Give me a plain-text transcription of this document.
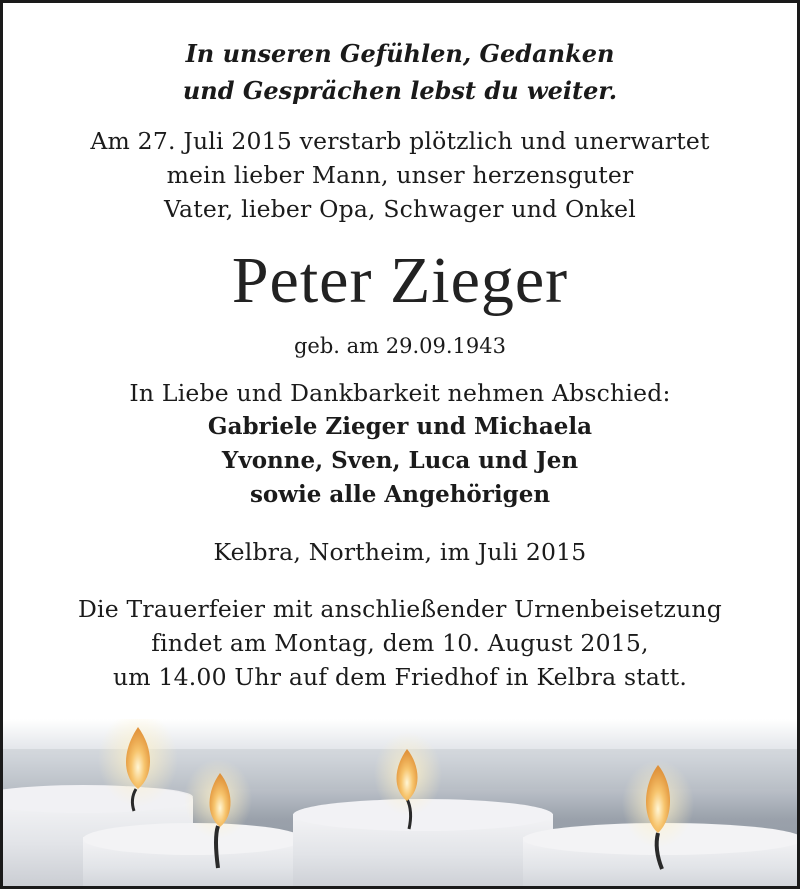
In unseren Gefühlen, Gedanken
und Gesprächen lebst du weiter.
Am 27. Juli 2015 verstarb plötzlich und unerwartet
mein lieber Mann, unser herzensguter
Vater, lieber Opa, Schwager und Onkel
Peter Zieger
geb. am 29.09.1943
In Liebe und Dankbarkeit nehmen Abschied:
Gabriele Zieger und Michaela
Yvonne, Sven, Luca und Jen
sowie alle Angehörigen
Kelbra, Northeim, im Juli 2015
Die Trauerfeier mit anschließender Urnenbeisetzung
findet am Montag, dem 10. August 2015,
um 14.00 Uhr auf dem Friedhof in Kelbra statt.
